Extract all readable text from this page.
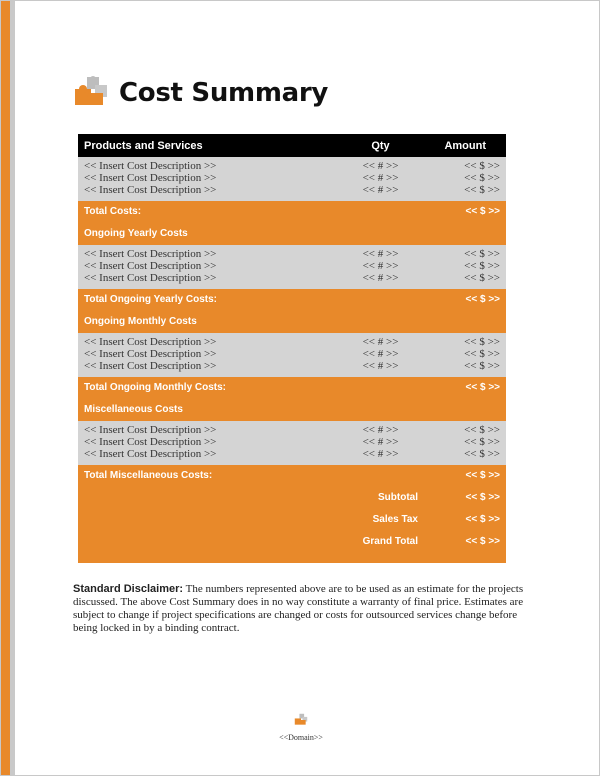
Cost Summary
Products and Services	Qty	Amount
<< Insert Cost Description >>	<< # >>	<< $ >>
<< Insert Cost Description >>	<< # >>	<< $ >>
<< Insert Cost Description >>	<< # >>	<< $ >>
Total Costs:	<< $ >>
Ongoing Yearly Costs
<< Insert Cost Description >>	<< # >>	<< $ >>
<< Insert Cost Description >>	<< # >>	<< $ >>
<< Insert Cost Description >>	<< # >>	<< $ >>
Total Ongoing Yearly Costs:	<< $ >>
Ongoing Monthly Costs
<< Insert Cost Description >>	<< # >>	<< $ >>
<< Insert Cost Description >>	<< # >>	<< $ >>
<< Insert Cost Description >>	<< # >>	<< $ >>
Total Ongoing Monthly Costs:	<< $ >>
Miscellaneous Costs
<< Insert Cost Description >>	<< # >>	<< $ >>
<< Insert Cost Description >>	<< # >>	<< $ >>
<< Insert Cost Description >>	<< # >>	<< $ >>
Total Miscellaneous Costs:	<< $ >>
Subtotal	<< $ >>
Sales Tax	<< $ >>
Grand Total	<< $ >>
Standard Disclaimer: The numbers represented above are to be used as an estimate for the projects discussed. The above Cost Summary does in no way constitute a warranty of final price. Estimates are subject to change if project specifications are changed or costs for outsourced services change before being locked in by a binding contract.
<<Domain>>
